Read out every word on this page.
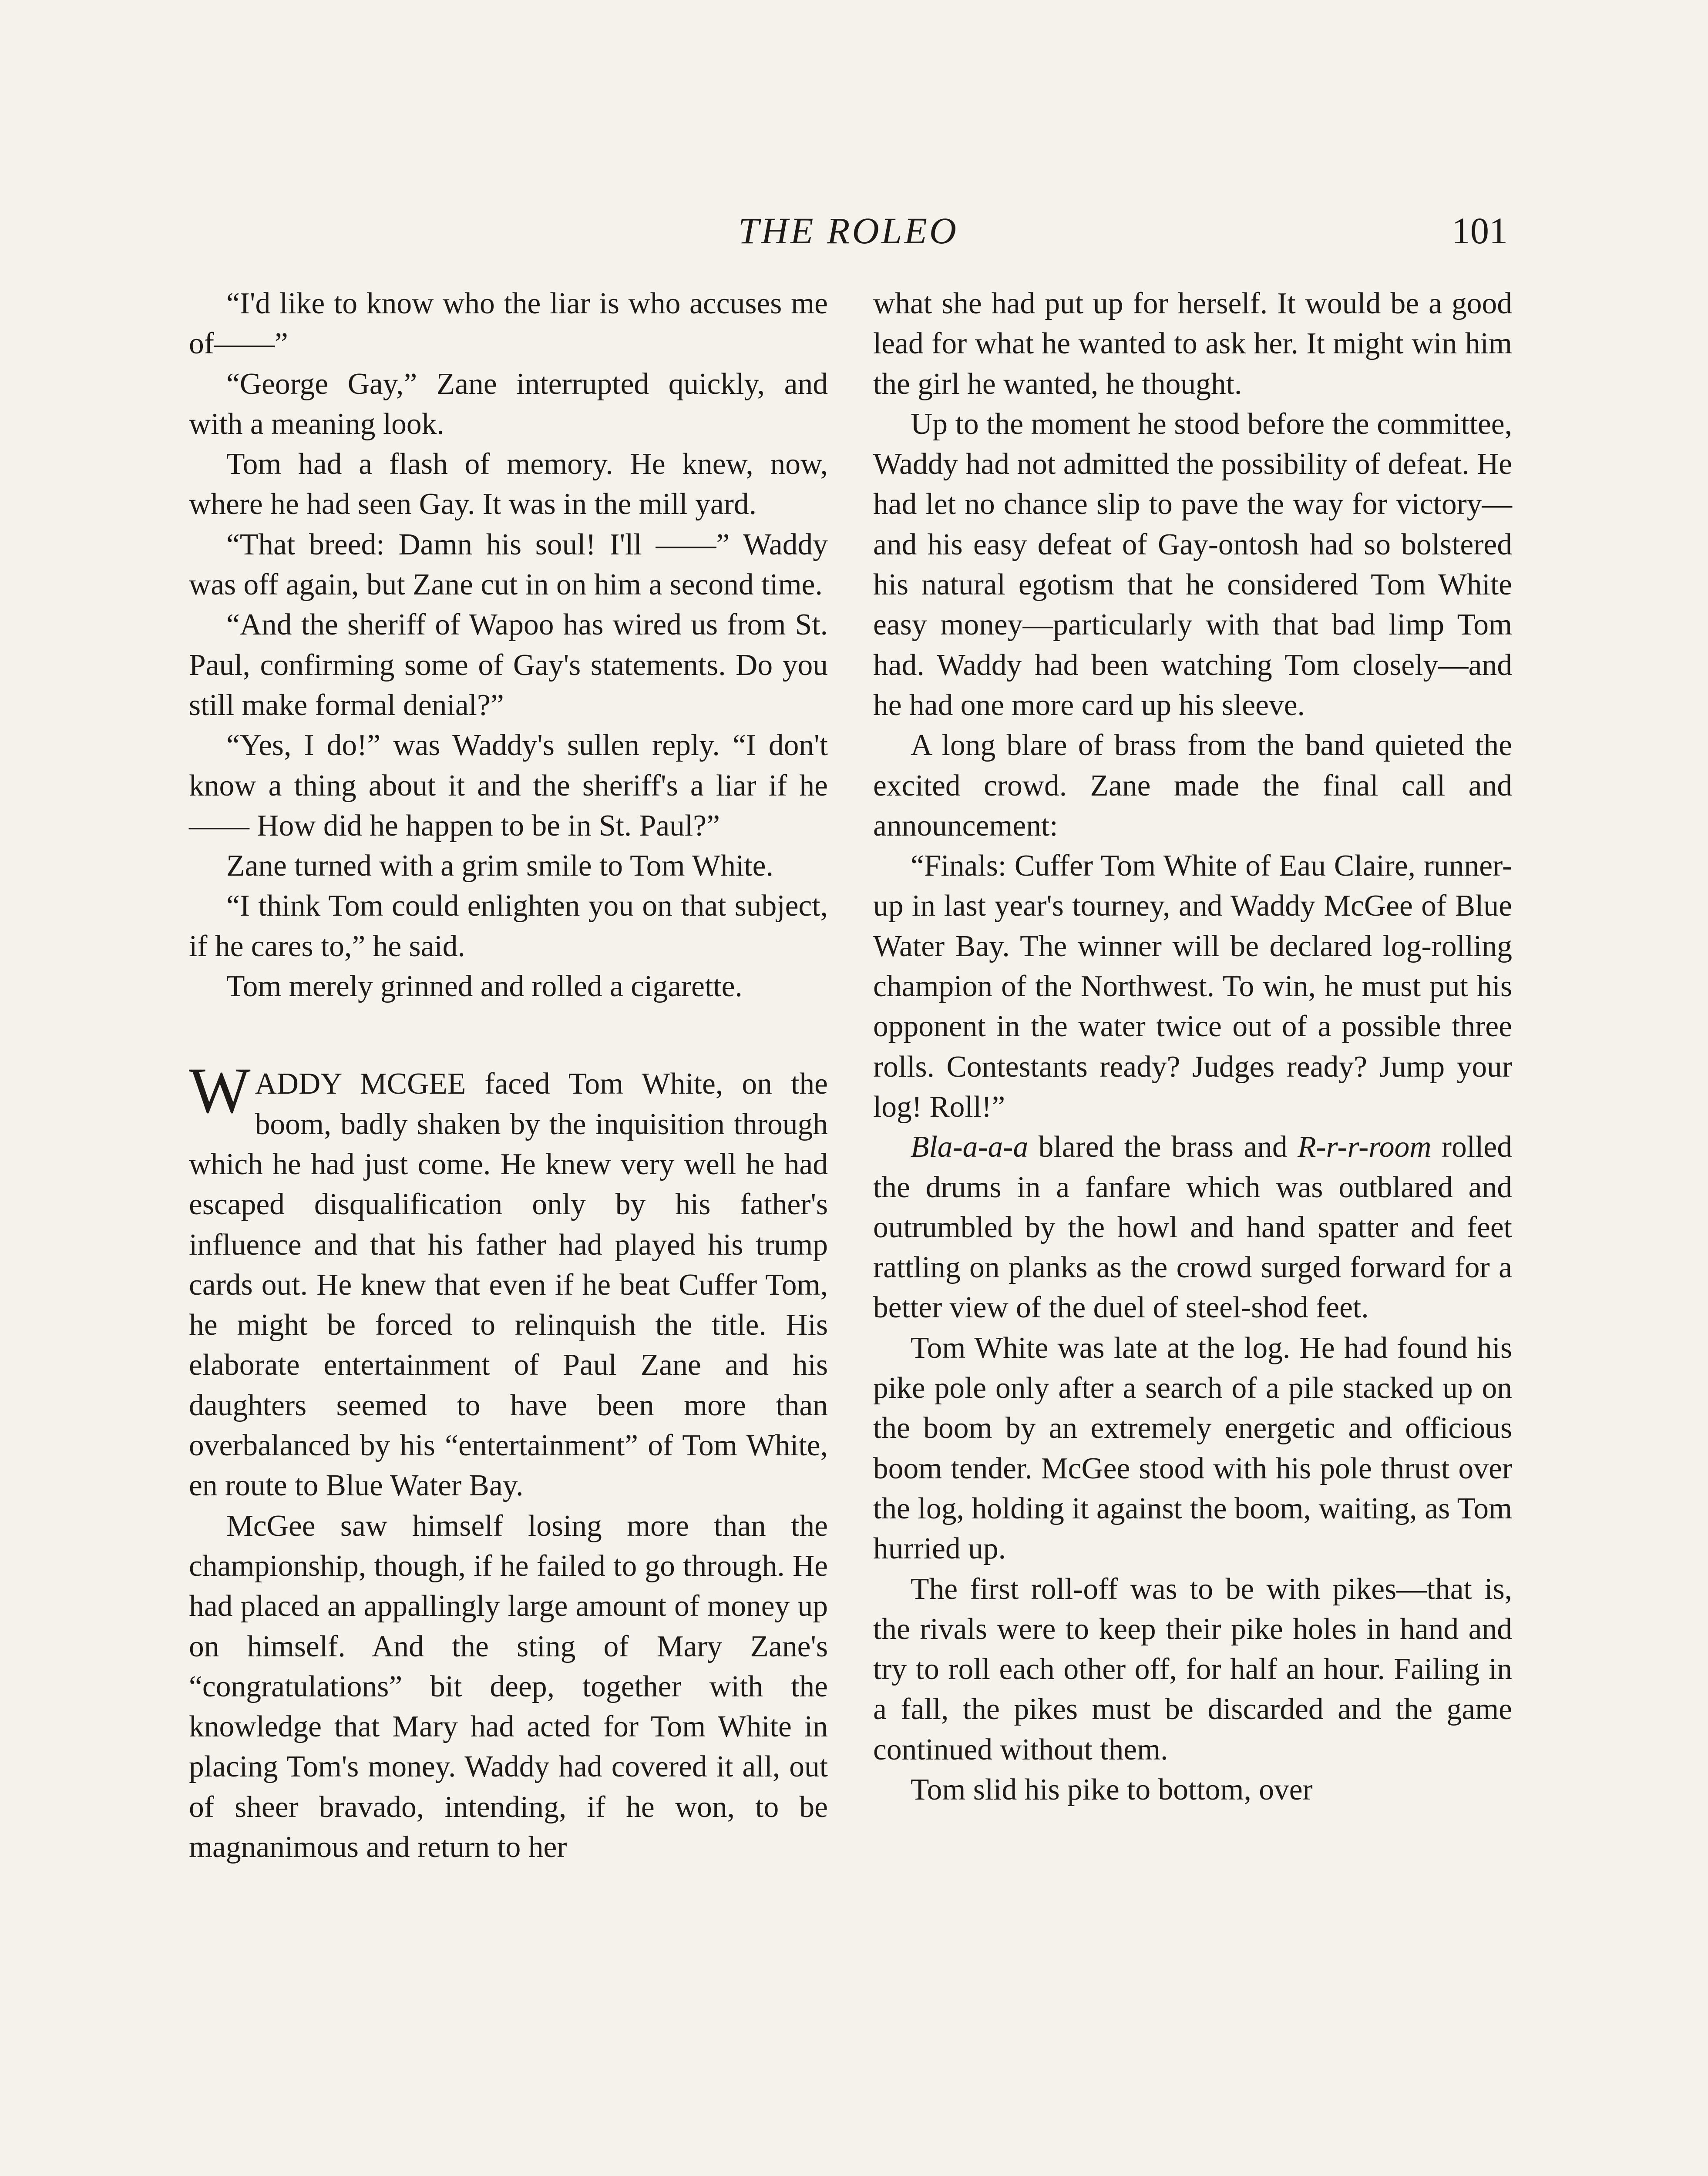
THE ROLEO	101

“I'd like to know who the liar is who accuses me of——”

“George Gay,” Zane interrupted quickly, and with a meaning look.

Tom had a flash of memory. He knew, now, where he had seen Gay. It was in the mill yard.

“That breed: Damn his soul! I'll ——” Waddy was off again, but Zane cut in on him a second time.

“And the sheriff of Wapoo has wired us from St. Paul, confirming some of Gay's statements. Do you still make formal denial?”

“Yes, I do!” was Waddy's sullen reply. “I don't know a thing about it and the sheriff's a liar if he—— How did he happen to be in St. Paul?”

Zane turned with a grim smile to Tom White.

“I think Tom could enlighten you on that subject, if he cares to,” he said.

Tom merely grinned and rolled a cigarette.

WADDY MCGEE faced Tom White, on the boom, badly shaken by the inquisition through which he had just come. He knew very well he had escaped disqualification only by his father's influence and that his father had played his trump cards out. He knew that even if he beat Cuffer Tom, he might be forced to relinquish the title. His elaborate entertainment of Paul Zane and his daughters seemed to have been more than overbalanced by his “entertainment” of Tom White, en route to Blue Water Bay.

McGee saw himself losing more than the championship, though, if he failed to go through. He had placed an appallingly large amount of money up on himself. And the sting of Mary Zane's “congratulations” bit deep, together with the knowledge that Mary had acted for Tom White in placing Tom's money. Waddy had covered it all, out of sheer bravado, intending, if he won, to be magnanimous and return to her

what she had put up for herself. It would be a good lead for what he wanted to ask her. It might win him the girl he wanted, he thought.

Up to the moment he stood before the committee, Waddy had not admitted the possibility of defeat. He had let no chance slip to pave the way for victory—and his easy defeat of Gay-ontosh had so bolstered his natural egotism that he considered Tom White easy money—particularly with that bad limp Tom had. Waddy had been watching Tom closely—and he had one more card up his sleeve.

A long blare of brass from the band quieted the excited crowd. Zane made the final call and announcement:

“Finals: Cuffer Tom White of Eau Claire, runner-up in last year's tourney, and Waddy McGee of Blue Water Bay. The winner will be declared log-rolling champion of the Northwest. To win, he must put his opponent in the water twice out of a possible three rolls. Contestants ready? Judges ready? Jump your log! Roll!”

Bla-a-a-a blared the brass and R-r-r-room rolled the drums in a fanfare which was outblared and outrumbled by the howl and hand spatter and feet rattling on planks as the crowd surged forward for a better view of the duel of steel-shod feet.

Tom White was late at the log. He had found his pike pole only after a search of a pile stacked up on the boom by an extremely energetic and officious boom tender. McGee stood with his pole thrust over the log, holding it against the boom, waiting, as Tom hurried up.

The first roll-off was to be with pikes—that is, the rivals were to keep their pike holes in hand and try to roll each other off, for half an hour. Failing in a fall, the pikes must be discarded and the game continued without them.

Tom slid his pike to bottom, over
